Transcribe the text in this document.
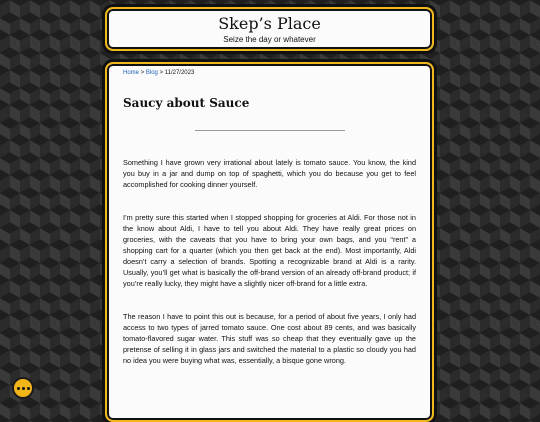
Skep’s Place
Seize the day or whatever
Home > Blog > 11/27/2023
Saucy about Sauce

Something I have grown very irrational about lately is tomato sauce. You know, the kind you buy in a jar and dump on top of spaghetti, which you do because you get to feel accomplished for cooking dinner yourself.

I’m pretty sure this started when I stopped shopping for groceries at Aldi. For those not in the know about Aldi, I have to tell you about Aldi. They have really great prices on groceries, with the caveats that you have to bring your own bags, and you “rent” a shopping cart for a quarter (which you then get back at the end). Most importantly, Aldi doesn’t carry a selection of brands. Spotting a recognizable brand at Aldi is a rarity. Usually, you’ll get what is basically the off-brand version of an already off-brand product; if you’re really lucky, they might have a slightly nicer off-brand for a little extra.

The reason I have to point this out is because, for a period of about five years, I only had access to two types of jarred tomato sauce. One cost about 89 cents, and was basically tomato-flavored sugar water. This stuff was so cheap that they eventually gave up the pretense of selling it in glass jars and switched the material to a plastic so cloudy you had no idea you were buying what was, essentially, a bisque gone wrong.
